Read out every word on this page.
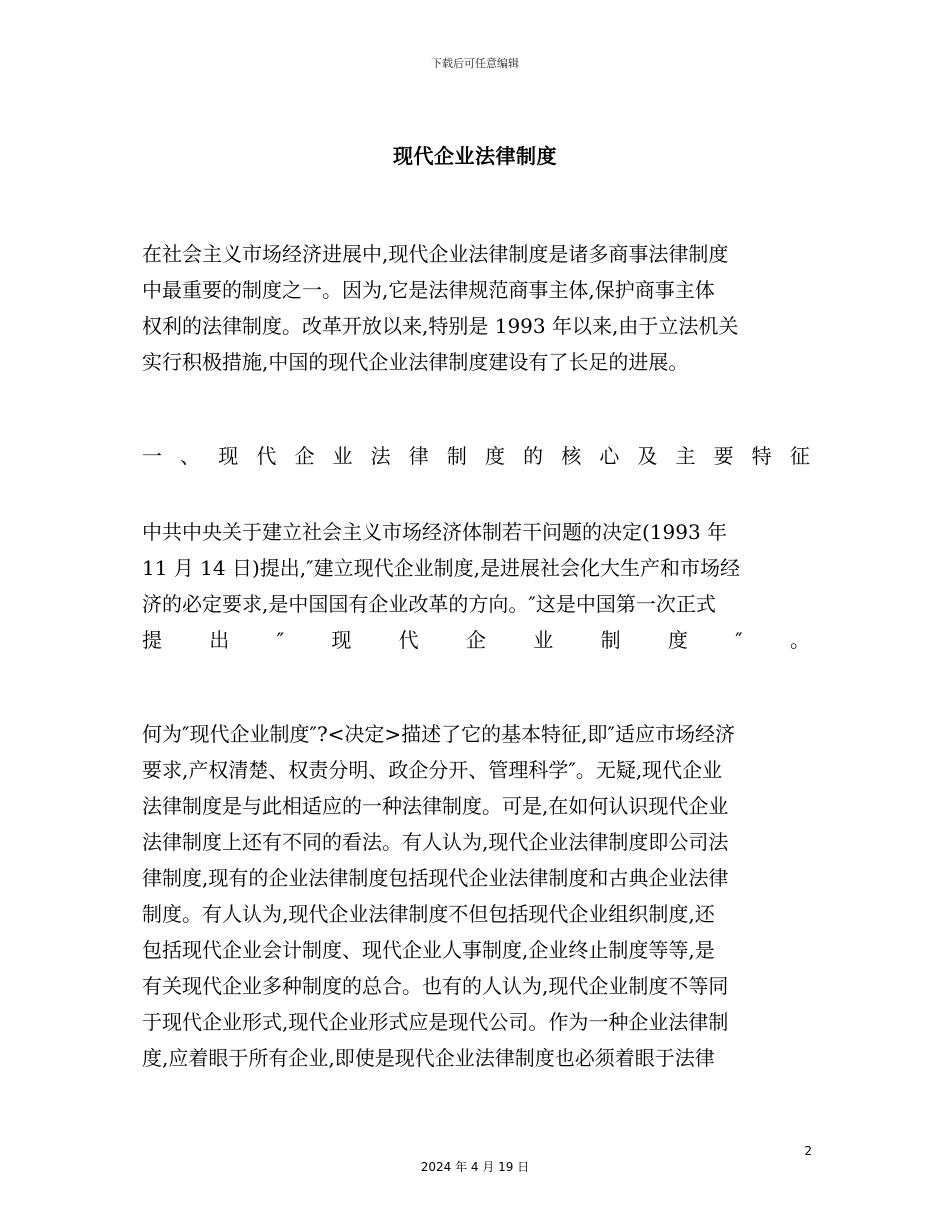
下载后可任意编辑
现代企业法律制度
在社会主义市场经济进展中,现代企业法律制度是诸多商事法律制度
中最重要的制度之一。因为,它是法律规范商事主体,保护商事主体
权利的法律制度。改革开放以来,特别是 1993 年以来,由于立法机关
实行积极措施,中国的现代企业法律制度建设有了长足的进展。
一 、 现 代 企 业 法 律 制 度 的 核 心 及 主 要 特 征
中共中央关于建立社会主义市场经济体制若干问题的决定(1993 年
11 月 14 日)提出,″建立现代企业制度,是进展社会化大生产和市场经
济的必定要求,是中国国有企业改革的方向。″这是中国第一次正式
提 出 ″ 现 代 企 业 制 度 ″ 。
何为″现代企业制度″?<决定>描述了它的基本特征,即″适应市场经济
要求,产权清楚、权责分明、政企分开、管理科学″。无疑,现代企业
法律制度是与此相适应的一种法律制度。可是,在如何认识现代企业
法律制度上还有不同的看法。有人认为,现代企业法律制度即公司法
律制度,现有的企业法律制度包括现代企业法律制度和古典企业法律
制度。有人认为,现代企业法律制度不但包括现代企业组织制度,还
包括现代企业会计制度、现代企业人事制度,企业终止制度等等,是
有关现代企业多种制度的总合。也有的人认为,现代企业制度不等同
于现代企业形式,现代企业形式应是现代公司。作为一种企业法律制
度,应着眼于所有企业,即使是现代企业法律制度也必须着眼于法律
2
2024 年 4 月 19 日
